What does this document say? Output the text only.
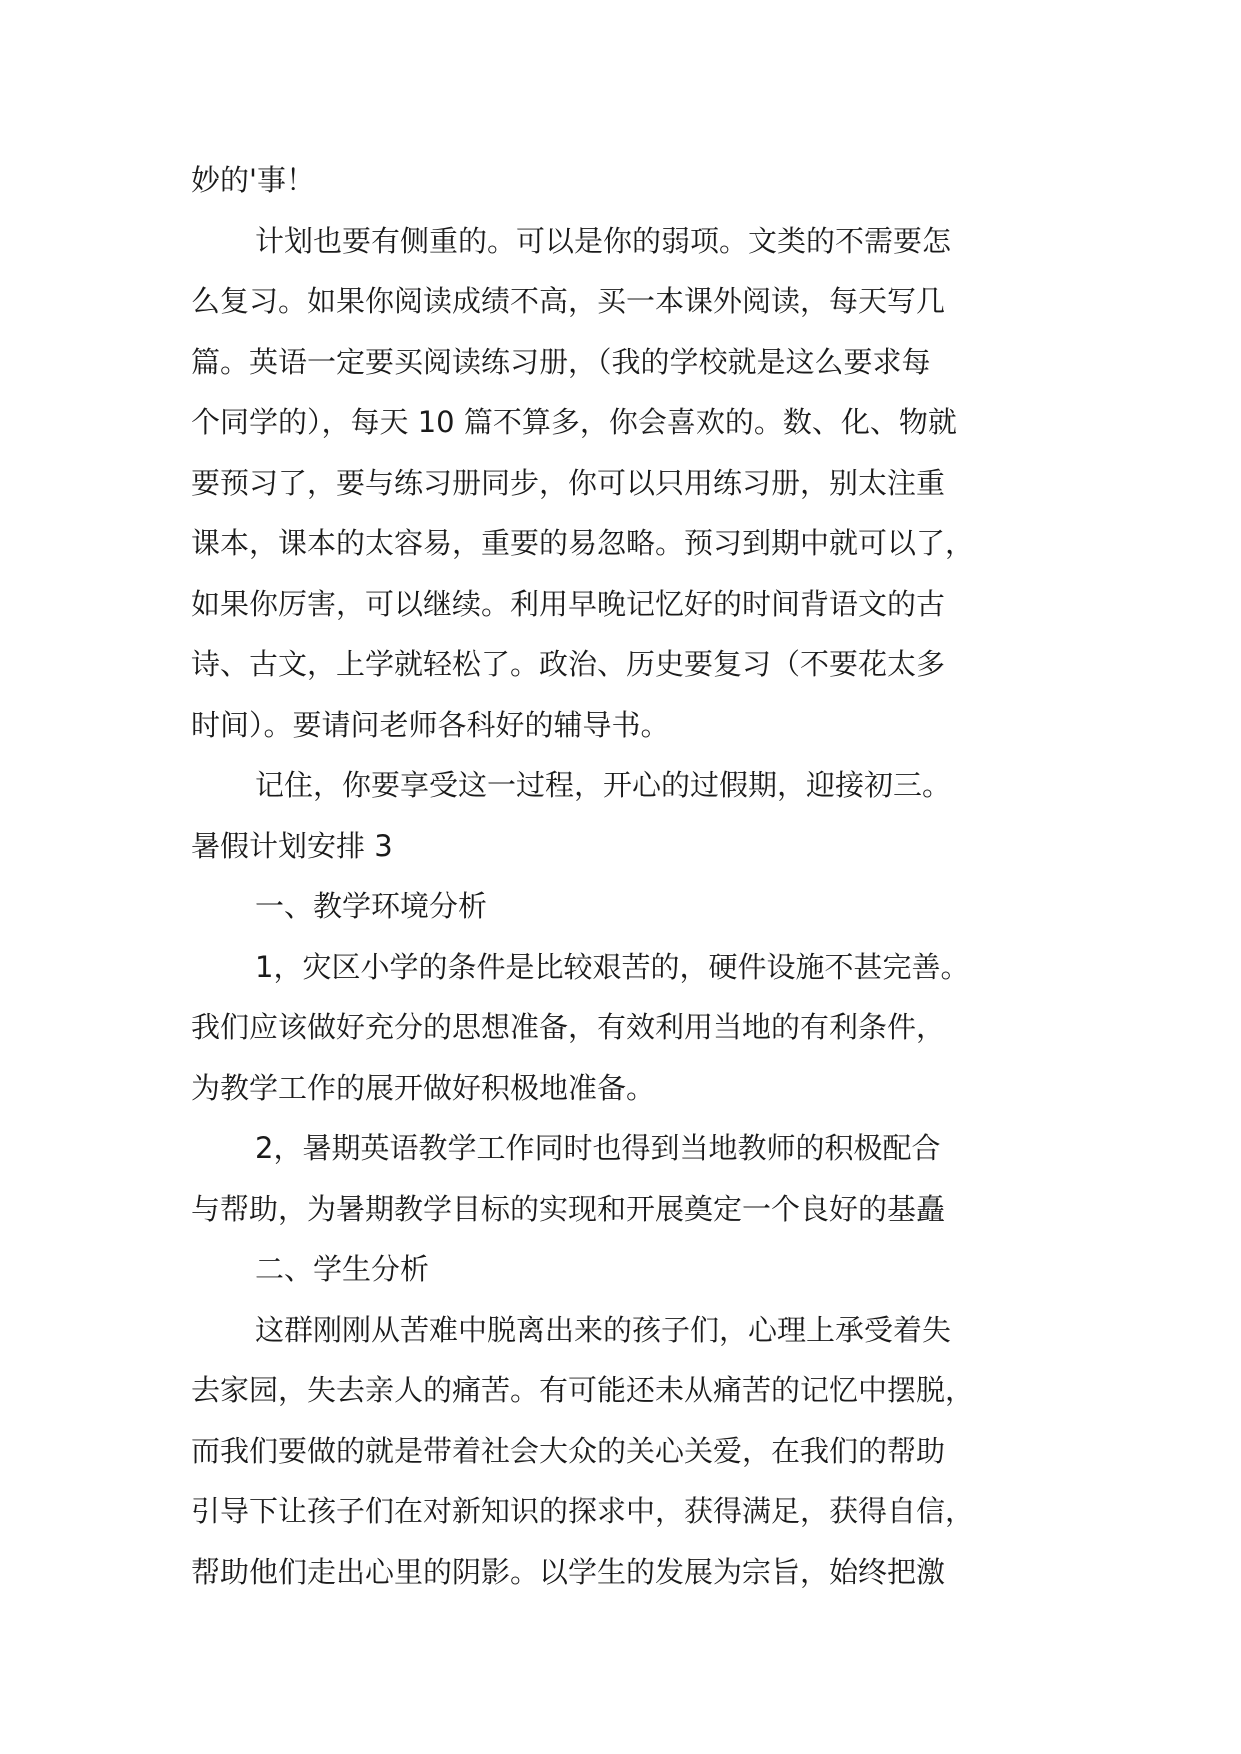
妙的'事！
计划也要有侧重的。可以是你的弱项。文类的不需要怎
么复习。如果你阅读成绩不高，买一本课外阅读，每天写几
篇。英语一定要买阅读练习册，（我的学校就是这么要求每
个同学的），每天 10 篇不算多，你会喜欢的。数、化、物就
要预习了，要与练习册同步，你可以只用练习册，别太注重
课本，课本的太容易，重要的易忽略。预习到期中就可以了，
如果你厉害，可以继续。利用早晚记忆好的时间背语文的古
诗、古文，上学就轻松了。政治、历史要复习（不要花太多
时间）。要请问老师各科好的辅导书。
记住，你要享受这一过程，开心的过假期，迎接初三。
暑假计划安排 3
一、教学环境分析
1，灾区小学的条件是比较艰苦的，硬件设施不甚完善。
我们应该做好充分的思想准备，有效利用当地的有利条件，
为教学工作的展开做好积极地准备。
2，暑期英语教学工作同时也得到当地教师的积极配合
与帮助，为暑期教学目标的实现和开展奠定一个良好的基矗
二、学生分析
这群刚刚从苦难中脱离出来的孩子们，心理上承受着失
去家园，失去亲人的痛苦。有可能还未从痛苦的记忆中摆脱，
而我们要做的就是带着社会大众的关心关爱，在我们的帮助
引导下让孩子们在对新知识的探求中，获得满足，获得自信，
帮助他们走出心里的阴影。以学生的发展为宗旨，始终把激
